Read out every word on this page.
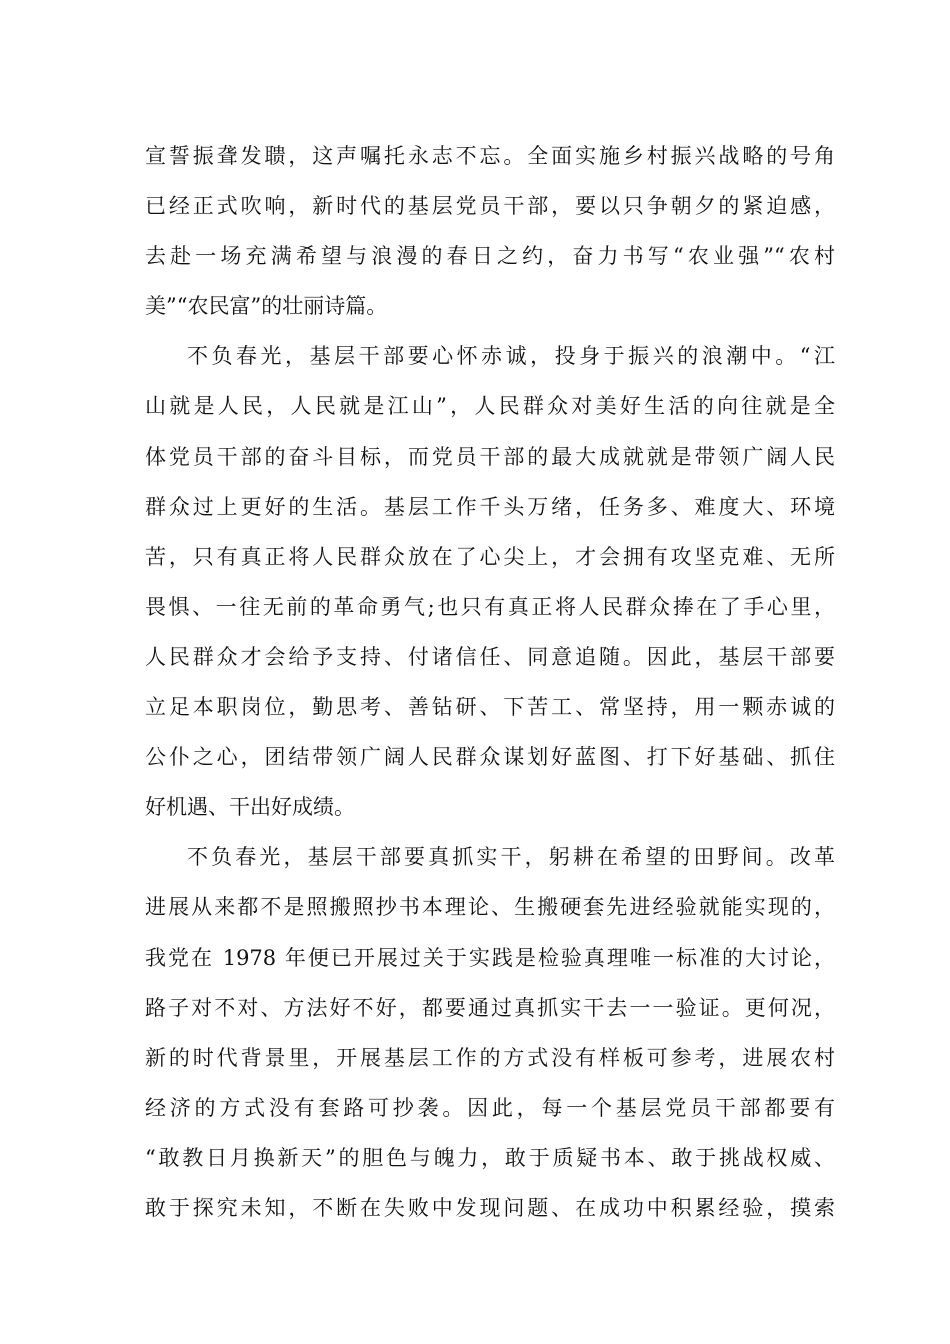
宣誓振聋发聩，这声嘱托永志不忘。全面实施乡村振兴战略的号角
已经正式吹响，新时代的基层党员干部，要以只争朝夕的紧迫感，
去赴一场充满希望与浪漫的春日之约，奋力书写“农业强”“农村
美”“农民富”的壮丽诗篇。
不负春光，基层干部要心怀赤诚，投身于振兴的浪潮中。“江
山就是人民，人民就是江山”，人民群众对美好生活的向往就是全
体党员干部的奋斗目标，而党员干部的最大成就就是带领广阔人民
群众过上更好的生活。基层工作千头万绪，任务多、难度大、环境
苦，只有真正将人民群众放在了心尖上，才会拥有攻坚克难、无所
畏惧、一往无前的革命勇气;也只有真正将人民群众捧在了手心里，
人民群众才会给予支持、付诸信任、同意追随。因此，基层干部要
立足本职岗位，勤思考、善钻研、下苦工、常坚持，用一颗赤诚的
公仆之心，团结带领广阔人民群众谋划好蓝图、打下好基础、抓住
好机遇、干出好成绩。
不负春光，基层干部要真抓实干，躬耕在希望的田野间。改革
进展从来都不是照搬照抄书本理论、生搬硬套先进经验就能实现的，
我党在 1978 年便已开展过关于实践是检验真理唯一标准的大讨论，
路子对不对、方法好不好，都要通过真抓实干去一一验证。更何况，
新的时代背景里，开展基层工作的方式没有样板可参考，进展农村
经济的方式没有套路可抄袭。因此，每一个基层党员干部都要有
“敢教日月换新天”的胆色与魄力，敢于质疑书本、敢于挑战权威、
敢于探究未知，不断在失败中发现问题、在成功中积累经验，摸索
